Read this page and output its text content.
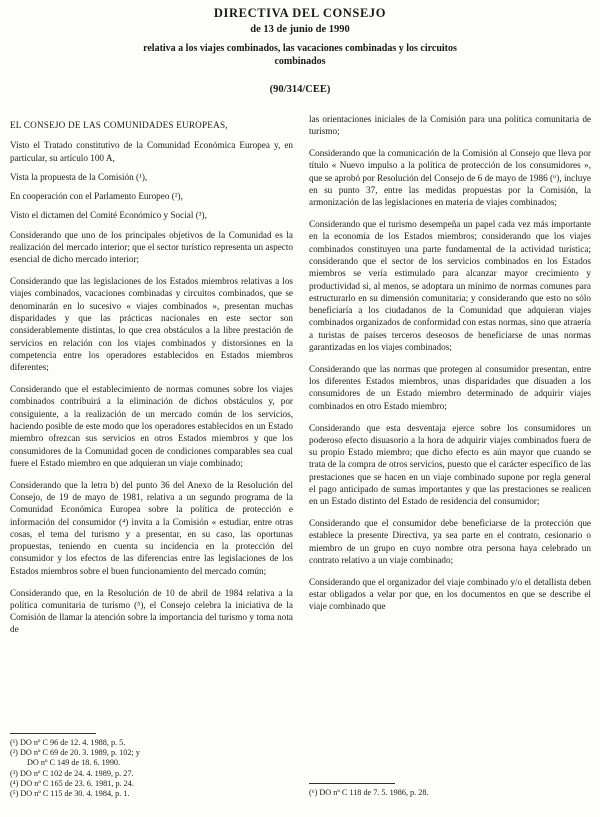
DIRECTIVA DEL CONSEJO
de 13 de junio de 1990
relativa a los viajes combinados, las vacaciones combinadas y los circuitos
combinados
(90/314/CEE)
EL CONSEJO DE LAS COMUNIDADES EUROPEAS,

Visto el Tratado constitutivo de la Comunidad Económica Europea y, en particular, su artículo 100 A,

Vista la propuesta de la Comisión (¹),

En cooperación con el Parlamento Europeo (²),

Visto el dictamen del Comité Económico y Social (³),

Considerando que uno de los principales objetivos de la Comunidad es la realización del mercado interior; que el sector turístico representa un aspecto esencial de dicho mercado interior;

Considerando que las legislaciones de los Estados miembros relativas a los viajes combinados, vacaciones combinadas y circuitos combinados, que se denominarán en lo sucesivo « viajes combinados », presentan muchas disparidades y que las prácticas nacionales en este sector son considerablemente distintas, lo que crea obstáculos a la libre prestación de servicios en relación con los viajes combinados y distorsiones en la competencia entre los operadores establecidos en Estados miembros diferentes;

Considerando que el establecimiento de normas comunes sobre los viajes combinados contribuirá a la eliminación de dichos obstáculos y, por consiguiente, a la realización de un mercado común de los servicios, haciendo posible de este modo que los operadores establecidos en un Estado miembro ofrezcan sus servicios en otros Estados miembros y que los consumidores de la Comunidad gocen de condiciones comparables sea cual fuere el Estado miembro en que adquieran un viaje combinado;

Considerando que la letra b) del punto 36 del Anexo de la Resolución del Consejo, de 19 de mayo de 1981, relativa a un segundo programa de la Comunidad Económica Europea sobre la política de protección e información del consumidor (⁴) invita a la Comisión « estudiar, entre otras cosas, el tema del turismo y a presentar, en su caso, las oportunas propuestas, teniendo en cuenta su incidencia en la protección del consumidor y los efectos de las diferencias entre las legislaciones de los Estados miembros sobre el buen funcionamiento del mercado común;

Considerando que, en la Resolución de 10 de abril de 1984 relativa a la política comunitaria de turismo (⁵), el Consejo celebra la iniciativa de la Comisión de llamar la atención sobre la importancia del turismo y toma nota de

(¹) DO nº C 96 de 12. 4. 1988, p. 5.
(²) DO nº C 69 de 20. 3. 1989, p. 102; y
DO nº C 149 de 18. 6. 1990.
(³) DO nº C 102 de 24. 4. 1989, p. 27.
(⁴) DO nº C 165 de 23. 6. 1981, p. 24.
(⁵) DO nº C 115 de 30. 4. 1984, p. 1.

las orientaciones iniciales de la Comisión para una política comunitaria de turismo;

Considerando que la comunicación de la Comisión al Consejo que lleva por título « Nuevo impulso a la política de protección de los consumidores », que se aprobó por Resolución del Consejo de 6 de mayo de 1986 (⁶), incluye en su punto 37, entre las medidas propuestas por la Comisión, la armonización de las legislaciones en materia de viajes combinados;

Considerando que el turismo desempeña un papel cada vez más importante en la economía de los Estados miembros; considerando que los viajes combinados constituyen una parte fundamental de la actividad turística; considerando que el sector de los servicios combinados en los Estados miembros se vería estimulado para alcanzar mayor crecimiento y productividad si, al menos, se adoptara un mínimo de normas comunes para estructurarlo en su dimensión comunitaria; y considerando que esto no sólo beneficiaría a los ciudadanos de la Comunidad que adquieran viajes combinados organizados de conformidad con estas normas, sino que atraería a turistas de países terceros deseosos de beneficiarse de unas normas garantizadas en los viajes combinados;

Considerando que las normas que protegen al consumidor presentan, entre los diferentes Estados miembros, unas disparidades que disuaden a los consumidores de un Estado miembro determinado de adquirir viajes combinados en otro Estado miembro;

Considerando que esta desventaja ejerce sobre los consumidores un poderoso efecto disuasorio a la hora de adquirir viajes combinados fuera de su propio Estado miembro; que dicho efecto es aún mayor que cuando se trata de la compra de otros servicios, puesto que el carácter específico de las prestaciones que se hacen en un viaje combinado supone por regla general el pago anticipado de sumas importantes y que las prestaciones se realicen en un Estado distinto del Estado de residencia del consumidor;

Considerando que el consumidor debe beneficiarse de la protección que establece la presente Directiva, ya sea parte en el contrato, cesionario o miembro de un grupo en cuyo nombre otra persona haya celebrado un contrato relativo a un viaje combinado;

Considerando que el organizador del viaje combinado y/o el detallista deben estar obligados a velar por que, en los documentos en que se describe el viaje combinado que

(⁶) DO nº C 118 de 7. 5. 1986, p. 28.
